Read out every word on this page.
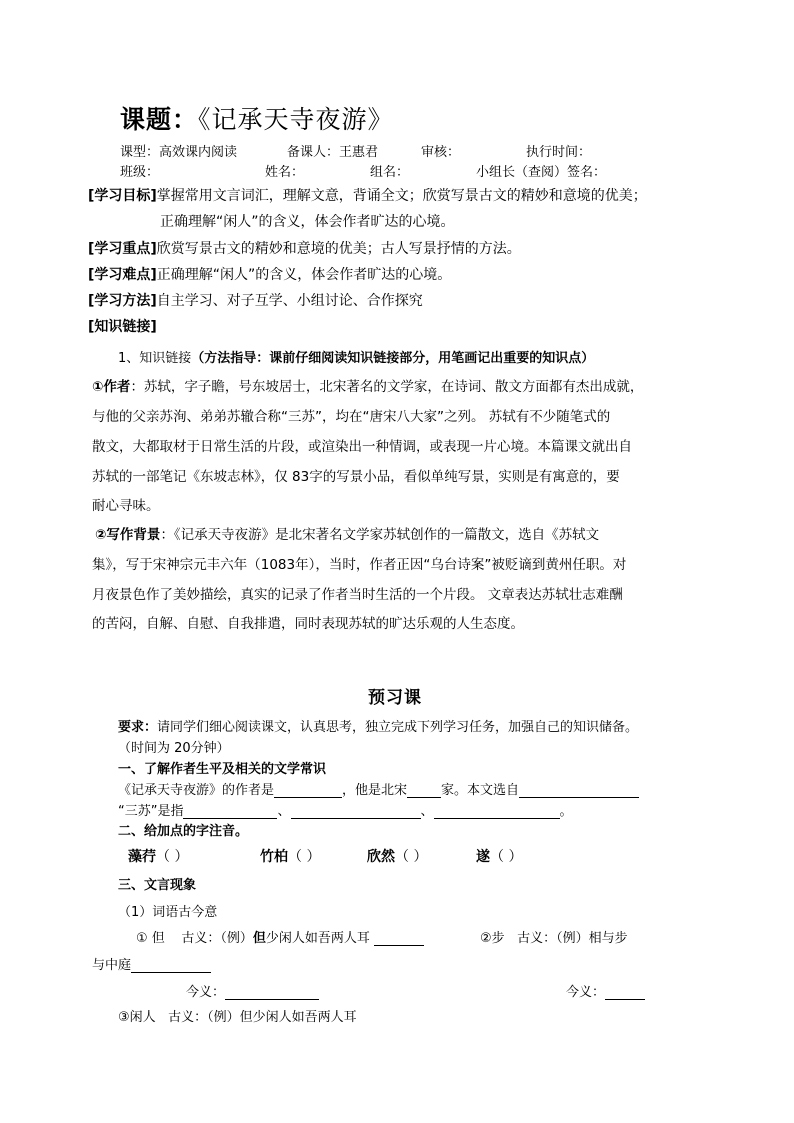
课题：《记承天寺夜游》
课型：高效课内阅读	备课人：王惠君	审核：	执行时间：
班级：	姓名：	组名：	小组长（查阅）签名：
[学习目标]掌握常用文言词汇，理解文意，背诵全文；欣赏写景古文的精妙和意境的优美；
正确理解“闲人”的含义，体会作者旷达的心境。
[学习重点]欣赏写景古文的精妙和意境的优美；古人写景抒情的方法。
[学习难点]正确理解“闲人”的含义，体会作者旷达的心境。
[学习方法]自主学习、对子互学、小组讨论、合作探究
[知识链接]
1、知识链接（方法指导：课前仔细阅读知识链接部分，用笔画记出重要的知识点）
①作者：苏轼，字子瞻，号东坡居士，北宋著名的文学家，在诗词、散文方面都有杰出成就，
与他的父亲苏洵、弟弟苏辙合称“三苏”，均在“唐宋八大家”之列。 苏轼有不少随笔式的
散文，大都取材于日常生活的片段，或渲染出一种情调，或表现一片心境。本篇课文就出自
苏轼的一部笔记《东坡志林》，仅 83字的写景小品，看似单纯写景，实则是有寓意的，要
耐心寻味。
②写作背景：《记承天寺夜游》是北宋著名文学家苏轼创作的一篇散文，选自《苏轼文
集》，写于宋神宗元丰六年（1083年），当时，作者正因“乌台诗案”被贬谪到黄州任职。对
月夜景色作了美妙描绘，真实的记录了作者当时生活的一个片段。 文章表达苏轼壮志难酬
的苦闷，自解、自慰、自我排遣，同时表现苏轼的旷达乐观的人生态度。
预习课
要求：请同学们细心阅读课文，认真思考，独立完成下列学习任务，加强自己的知识储备。
（时间为 20分钟）
一、了解作者生平及相关的文学常识
《记承天寺夜游》的作者是	，他是北宋	家。本文选自
“三苏”是指	、	、	。
二、给加点的字注音。
藻荇（ ）	竹柏（ ）	欣然（ ）	遂（ ）
三、文言现象
（1）词语古今意
① 但 古义：（例）但少闲人如吾两人耳	②步 古义：（例）相与步
与中庭
今义：	今义：
③闲人 古义：（例）但少闲人如吾两人耳
